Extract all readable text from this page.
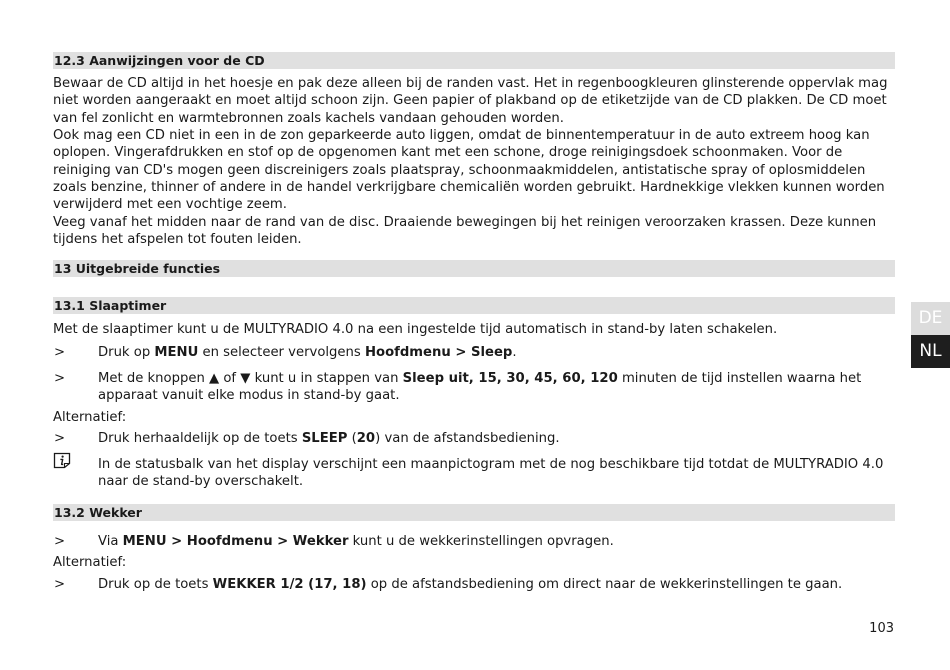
12.3 Aanwijzingen voor de CD
Bewaar de CD altijd in het hoesje en pak deze alleen bij de randen vast. Het in regenboogkleuren glinsterende oppervlak mag
niet worden aangeraakt en moet altijd schoon zijn. Geen papier of plakband op de etiketzijde van de CD plakken. De CD moet
van fel zonlicht en warmtebronnen zoals kachels vandaan gehouden worden.
Ook mag een CD niet in een in de zon geparkeerde auto liggen, omdat de binnentemperatuur in de auto extreem hoog kan
oplopen. Vingerafdrukken en stof op de opgenomen kant met een schone, droge reinigingsdoek schoonmaken. Voor de
reiniging van CD's mogen geen discreinigers zoals plaatspray, schoonmaakmiddelen, antistatische spray of oplosmiddelen
zoals benzine, thinner of andere in de handel verkrijgbare chemicaliën worden gebruikt. Hardnekkige vlekken kunnen worden
verwijderd met een vochtige zeem.
Veeg vanaf het midden naar de rand van de disc. Draaiende bewegingen bij het reinigen veroorzaken krassen. Deze kunnen
tijdens het afspelen tot fouten leiden.
13 Uitgebreide functies
13.1 Slaaptimer
Met de slaaptimer kunt u de MULTYRADIO 4.0 na een ingestelde tijd automatisch in stand-by laten schakelen.
> Druk op MENU en selecteer vervolgens Hoofdmenu > Sleep.
> Met de knoppen ▲ of ▼ kunt u in stappen van Sleep uit, 15, 30, 45, 60, 120 minuten de tijd instellen waarna het
apparaat vanuit elke modus in stand-by gaat.
Alternatief:
> Druk herhaaldelijk op de toets SLEEP (20) van de afstandsbediening.
In de statusbalk van het display verschijnt een maanpictogram met de nog beschikbare tijd totdat de MULTYRADIO 4.0
naar de stand-by overschakelt.
13.2 Wekker
> Via MENU > Hoofdmenu > Wekker kunt u de wekkerinstellingen opvragen.
Alternatief:
> Druk op de toets WEKKER 1/2 (17, 18) op de afstandsbediening om direct naar de wekkerinstellingen te gaan.
DE
NL
103
